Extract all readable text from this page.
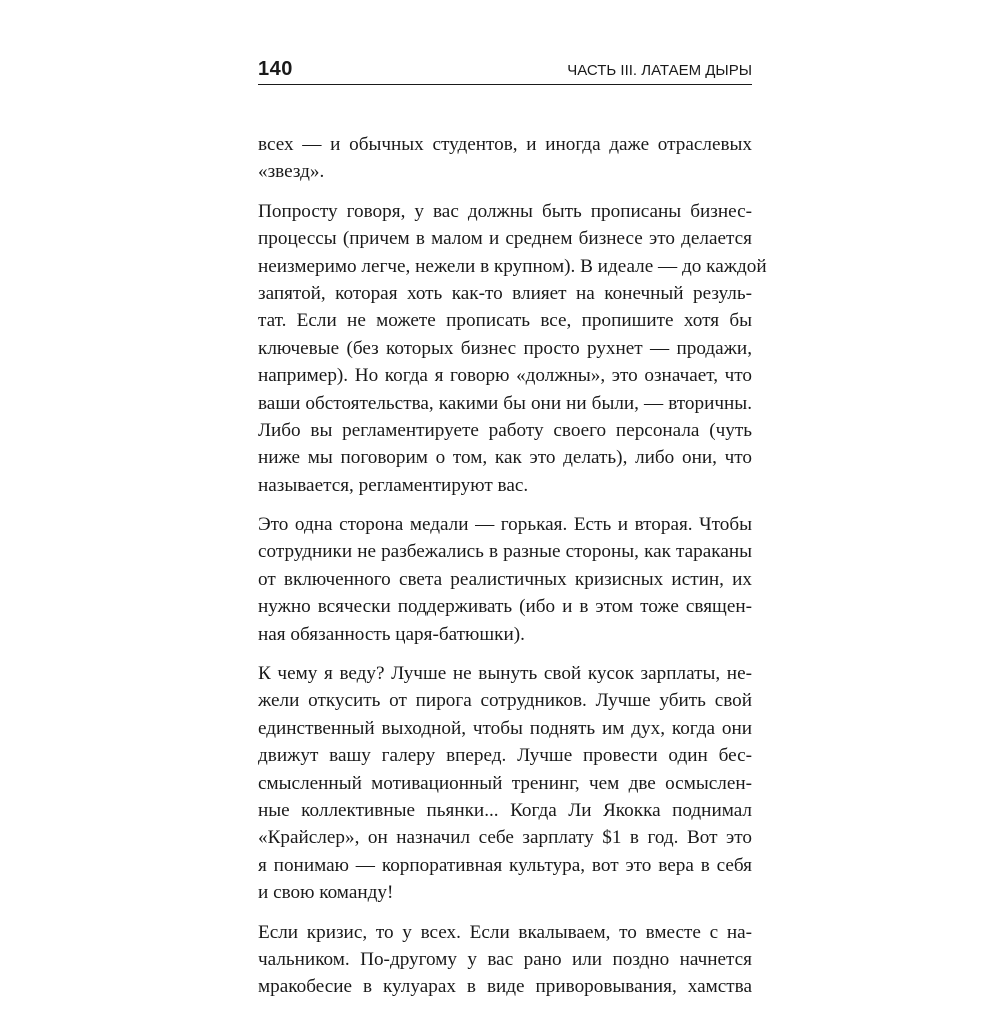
140	ЧАСТЬ III. ЛАТАЕМ ДЫРЫ

всех — и обычных студентов, и иногда даже отраслевых
«звезд».

Попросту говоря, у вас должны быть прописаны бизнес-
процессы (причем в малом и среднем бизнесе это делается
неизмеримо легче, нежели в крупном). В идеале — до каждой
запятой, которая хоть как-то влияет на конечный резуль-
тат. Если не можете прописать все, пропишите хотя бы
ключевые (без которых бизнес просто рухнет — продажи,
например). Но когда я говорю «должны», это означает, что
ваши обстоятельства, какими бы они ни были, — вторичны.
Либо вы регламентируете работу своего персонала (чуть
ниже мы поговорим о том, как это делать), либо они, что
называется, регламентируют вас.

Это одна сторона медали — горькая. Есть и вторая. Чтобы
сотрудники не разбежались в разные стороны, как тараканы
от включенного света реалистичных кризисных истин, их
нужно всячески поддерживать (ибо и в этом тоже священ-
ная обязанность царя-батюшки).

К чему я веду? Лучше не вынуть свой кусок зарплаты, не-
жели откусить от пирога сотрудников. Лучше убить свой
единственный выходной, чтобы поднять им дух, когда они
движут вашу галеру вперед. Лучше провести один бес-
смысленный мотивационный тренинг, чем две осмыслен-
ные коллективные пьянки... Когда Ли Якокка поднимал
«Крайслер», он назначил себе зарплату $1 в год. Вот это
я понимаю — корпоративная культура, вот это вера в себя
и свою команду!

Если кризис, то у всех. Если вкалываем, то вместе с на-
чальником. По-другому у вас рано или поздно начнется
мракобесие в кулуарах в виде приворовывания, хамства
